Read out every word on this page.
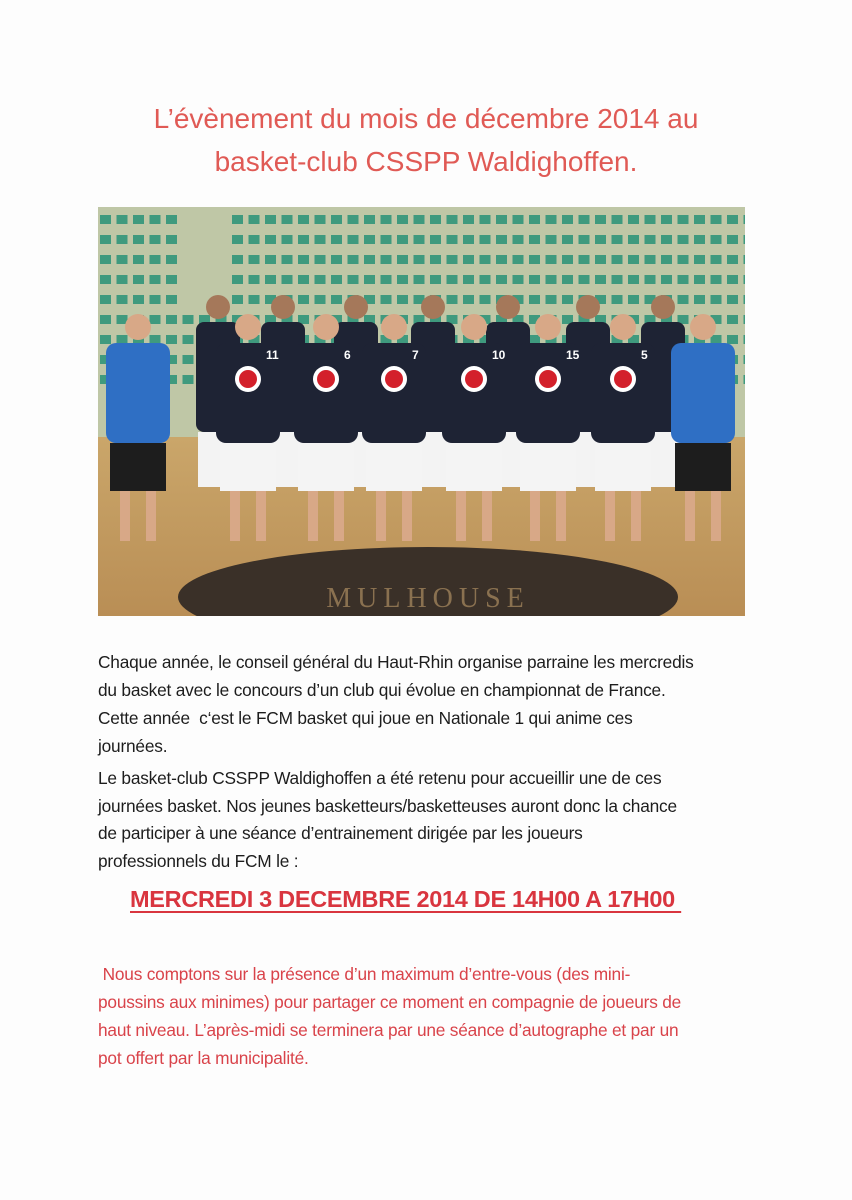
L’évènement du mois de décembre 2014 au
basket-club CSSPP Waldighoffen.
MULHOUSE
11	6	7	10	15	5
Chaque année, le conseil général du Haut-Rhin organise parraine les mercredis
du basket avec le concours d’un club qui évolue en championnat de France.
Cette année  c‘est le FCM basket qui joue en Nationale 1 qui anime ces
journées.
Le basket-club CSSPP Waldighoffen a été retenu pour accueillir une de ces
journées basket. Nos jeunes basketteurs/basketteuses auront donc la chance
de participer à une séance d’entrainement dirigée par les joueurs
professionnels du FCM le :
MERCREDI 3 DECEMBRE 2014 DE 14H00 A 17H00
Nous comptons sur la présence d’un maximum d’entre-vous (des mini-
poussins aux minimes) pour partager ce moment en compagnie de joueurs de
haut niveau. L’après-midi se terminera par une séance d’autographe et par un
pot offert par la municipalité.
